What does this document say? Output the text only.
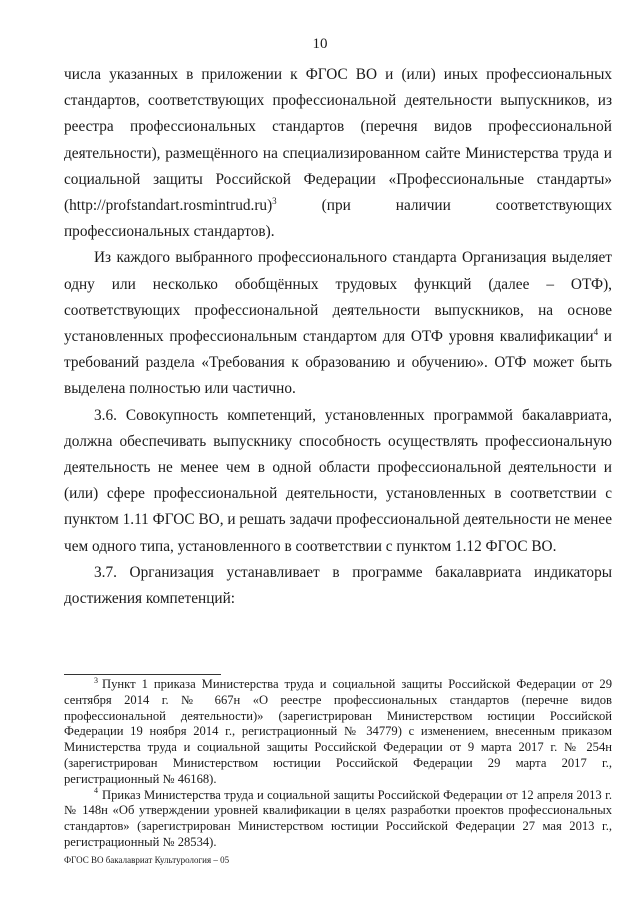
10

числа указанных в приложении к ФГОС ВО и (или) иных профессиональных стандартов, соответствующих профессиональной деятельности выпускников, из реестра профессиональных стандартов (перечня видов профессиональной деятельности), размещённого на специализированном сайте Министерства труда и социальной защиты Российской Федерации «Профессиональные стандарты» (http://profstandart.rosmintrud.ru)$^3$ (при наличии соответствующих профессиональных стандартов).

Из каждого выбранного профессионального стандарта Организация выделяет одну или несколько обобщённых трудовых функций (далее – ОТФ), соответствующих профессиональной деятельности выпускников, на основе установленных профессиональным стандартом для ОТФ уровня квалификации$^4$ и требований раздела «Требования к образованию и обучению». ОТФ может быть выделена полностью или частично.

3.6. Совокупность компетенций, установленных программой бакалавриата, должна обеспечивать выпускнику способность осуществлять профессиональную деятельность не менее чем в одной области профессиональной деятельности и (или) сфере профессиональной деятельности, установленных в соответствии с пунктом 1.11 ФГОС ВО, и решать задачи профессиональной деятельности не менее чем одного типа, установленного в соответствии с пунктом 1.12 ФГОС ВО.

3.7. Организация устанавливает в программе бакалавриата индикаторы достижения компетенций:

$^3$ Пункт 1 приказа Министерства труда и социальной защиты Российской Федерации от 29 сентября 2014 г. № 667н «О реестре профессиональных стандартов (перечне видов профессиональной деятельности)» (зарегистрирован Министерством юстиции Российской Федерации 19 ноября 2014 г., регистрационный № 34779) с изменением, внесенным приказом Министерства труда и социальной защиты Российской Федерации от 9 марта 2017 г. № 254н (зарегистрирован Министерством юстиции Российской Федерации 29 марта 2017 г., регистрационный № 46168).

$^4$ Приказ Министерства труда и социальной защиты Российской Федерации от 12 апреля 2013 г. № 148н «Об утверждении уровней квалификации в целях разработки проектов профессиональных стандартов» (зарегистрирован Министерством юстиции Российской Федерации 27 мая 2013 г., регистрационный № 28534).

ФГОС ВО бакалавриат Культурология – 05
